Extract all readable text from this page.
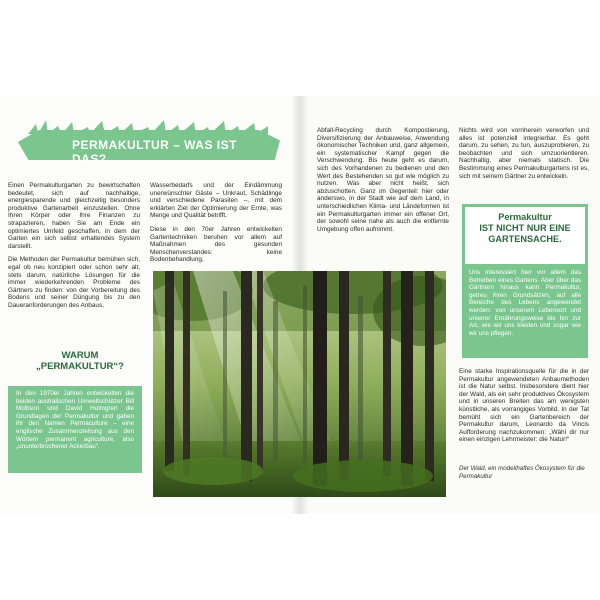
PERMAKULTUR – WAS IST DAS?

Einen Permakulturgarten zu bewirtschaften bedeutet, sich auf nachhaltige, energiesparende und gleichzeitig besonders produktive Gartenarbeit einzustellen. Ohne Ihren Körper oder Ihre Finanzen zu strapazieren, haben Sie am Ende ein optimiertes Umfeld geschaffen, in dem der Garten ein sich selbst erhaltendes System darstellt.

Die Methoden der Permakultur bemühen sich, egal ob neu konzipiert oder schon sehr alt, stets darum, natürliche Lösungen für die immer wiederkehrenden Probleme des Gärtners zu finden: von der Vorbereitung des Bodens und seiner Düngung bis zu den Daueranforderungen des Anbaus,

Wasserbedarfs und der Eindämmung unerwünschter Gäste – Unkraut, Schädlinge und verschiedene Parasiten –, mit dem erklärten Ziel der Optimierung der Ernte, was Menge und Qualität betrifft.

Diese in den 70er Jahren entwickelten Gartentechniken beruhen vor allem auf Maßnahmen des gesunden Menschenverstandes: keine Bodenbehandlung,

WARUM
„PERMAKULTUR“?
In den 1970er Jahren entwickelten die beiden australischen Umweltschützer Bill Mollison und David Holmgren die Grundlagen der Permakultur und gaben ihr den Namen Permaculture – eine englische Zusammenziehung aus den Wörtern permanent agriculture, also „ununterbrochener Ackerbau“.

Abfall-Recycling durch Kompostierung, Diversifizierung der Anbauweise, Anwendung ökonomischer Techniken und, ganz allgemein, ein systematischer Kampf gegen die Verschwendung. Bis heute geht es darum, sich des Vorhandenen zu bedienen und den Wert des Bestehenden so gut wie möglich zu nutzen. Was aber nicht heißt, sich abzuschotten. Ganz im Gegenteil: hier oder anderswo, in der Stadt wie auf dem Land, in unterschiedlichen Klima- und Ländeformen ist ein Permakulturgarten immer ein offener Ort, der sowohl seine nahe als auch die entfernte Umgebung offen aufnimmt.

Nichts wird von vornherein verworfen und alles ist potenziell integrierbar. Es geht darum, zu sehen, zu tun, auszuprobieren, zu beobachten und sich umzuorientieren. Nachhaltig, aber niemals statisch. Die Bestimmung eines Permakulturgartens ist es, sich mit seinem Gärtner zu entwickeln.

Permakultur
IST NICHT NUR EINE
GARTENSACHE.
Uns interessiert hier vor allem das Betreiben eines Gartens. Aber über das Gärtnern hinaus kann Permakultur, getreu ihren Grundsätzen, auf alle Bereiche des Lebens angewendet werden: von unserem Lebensort und unserer Ernährungsweise bis hin zur Art, wie wir uns kleiden und sogar wie wir uns pflegen.

Eine starke Inspirationsquelle für die in der Permakultur angewendeten Anbaumethoden ist die Natur selbst. Insbesondere dient hier der Wald, als ein sehr produktives Ökosystem und in unseren Breiten das am wenigsten künstliche, als vorrangiges Vorbild. In der Tat bemüht sich ein Gartenbereich der Permakultur darum, Leonardo da Vincis Aufforderung nachzukommen: „Wähl dir nur einen einzigen Lehrmeister: die Natur!“

Der Wald, ein modellhaftes Ökosystem für die Permakultur
